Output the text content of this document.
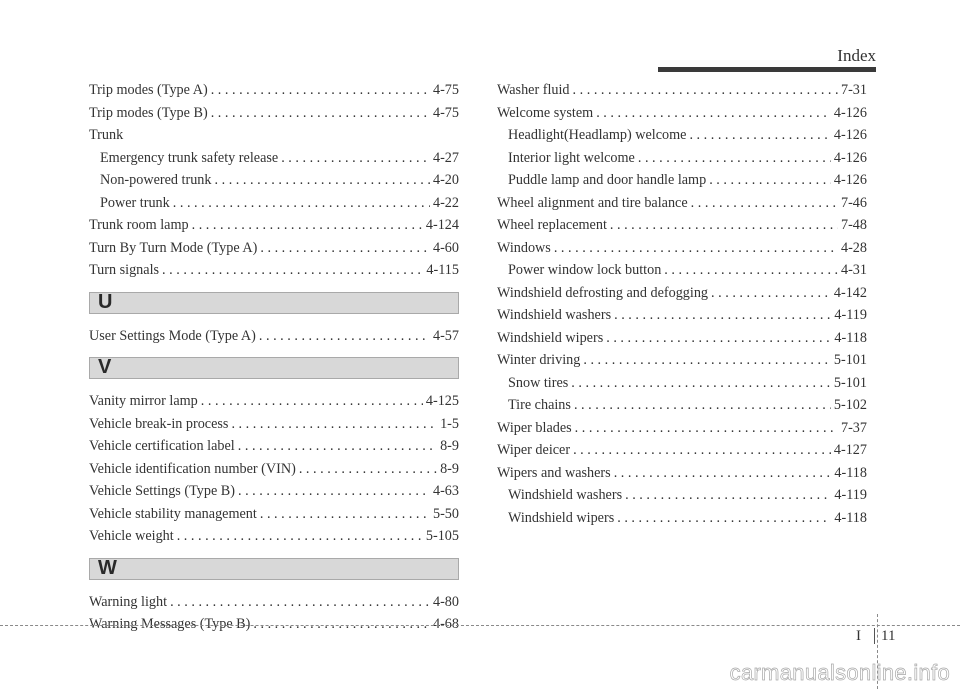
Index
Trip modes (Type A) . . .	4-75
Trip modes (Type B) . . .	4-75
Trunk
Emergency trunk safety release . . .	4-27
Non-powered trunk . . .	4-20
Power trunk . . .	4-22
Trunk room lamp . . .	4-124
Turn By Turn Mode (Type A) . . .	4-60
Turn signals . . .	4-115
U
User Settings Mode (Type A) . . .	4-57
V
Vanity mirror lamp . . .	4-125
Vehicle break-in process . . .	1-5
Vehicle certification label . . .	8-9
Vehicle identification number (VIN) . . .	8-9
Vehicle Settings (Type B) . . .	4-63
Vehicle stability management . . .	5-50
Vehicle weight . . .	5-105
W
Warning light . . .	4-80
Warning Messages (Type B) . . .	4-68
Washer fluid . . .	7-31
Welcome system . . .	4-126
Headlight(Headlamp) welcome . . .	4-126
Interior light welcome . . .	4-126
Puddle lamp and door handle lamp . . .	4-126
Wheel alignment and tire balance . . .	7-46
Wheel replacement . . .	7-48
Windows . . .	4-28
Power window lock button . . .	4-31
Windshield defrosting and defogging . . .	4-142
Windshield washers . . .	4-119
Windshield wipers . . .	4-118
Winter driving . . .	5-101
Snow tires . . .	5-101
Tire chains . . .	5-102
Wiper blades . . .	7-37
Wiper deicer . . .	4-127
Wipers and washers . . .	4-118
Windshield washers . . .	4-119
Windshield wipers . . .	4-118
I 11
carmanualsonline.info
